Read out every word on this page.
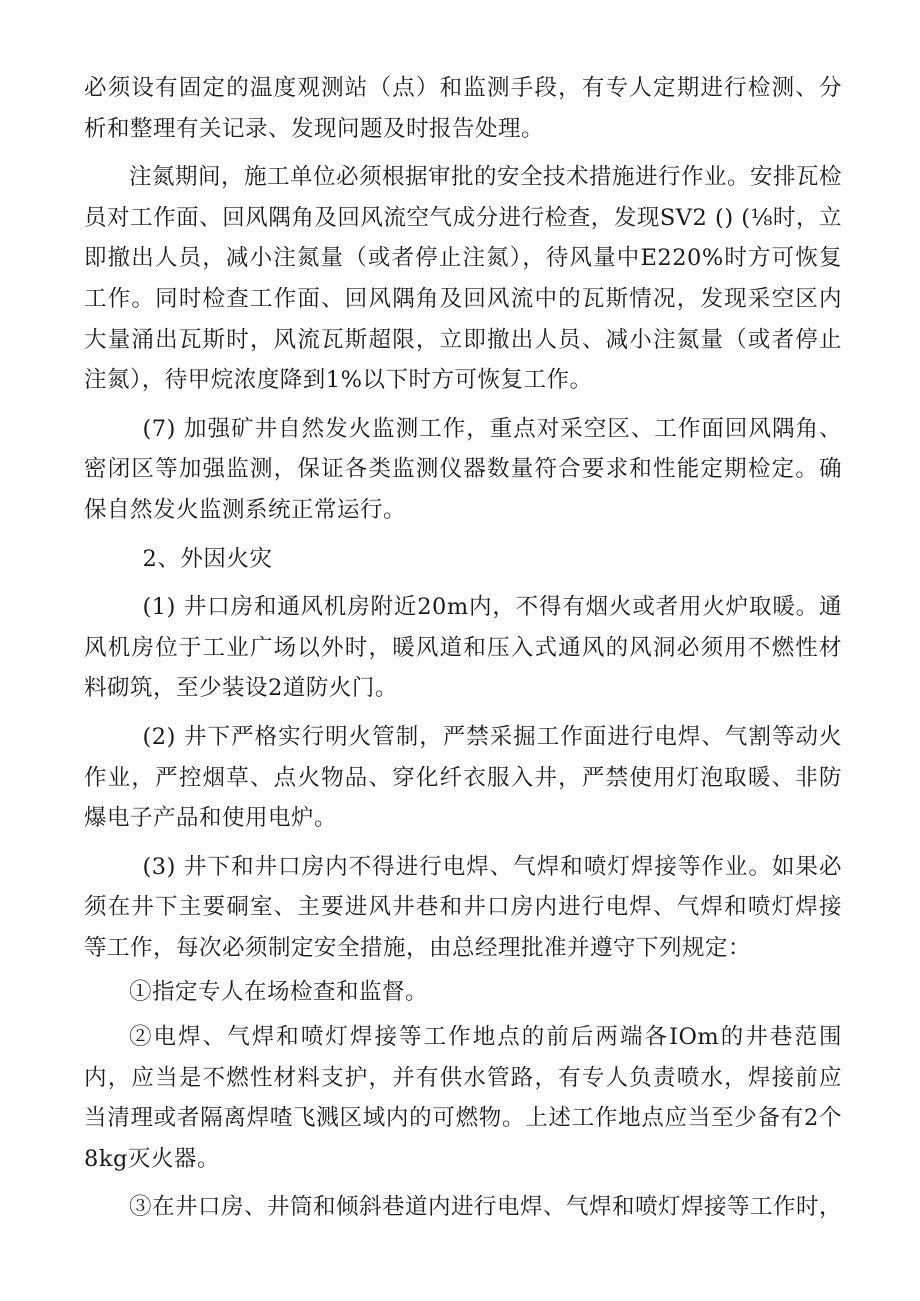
必须设有固定的温度观测站（点）和监测手段，有专人定期进行检测、分析和整理有关记录、发现问题及时报告处理。

注氮期间，施工单位必须根据审批的安全技术措施进行作业。安排瓦检员对工作面、回风隅角及回风流空气成分进行检查，发现SV2 () (⅛时，立即撤出人员，减小注氮量（或者停止注氮），待风量中E220%时方可恢复工作。同时检查工作面、回风隅角及回风流中的瓦斯情况，发现采空区内大量涌出瓦斯时，风流瓦斯超限，立即撤出人员、减小注氮量（或者停止注氮），待甲烷浓度降到1%以下时方可恢复工作。

(7) 加强矿井自然发火监测工作，重点对采空区、工作面回风隅角、密闭区等加强监测，保证各类监测仪器数量符合要求和性能定期检定。确保自然发火监测系统正常运行。

2、外因火灾

(1) 井口房和通风机房附近20m内，不得有烟火或者用火炉取暖。通风机房位于工业广场以外时，暖风道和压入式通风的风洞必须用不燃性材料砌筑，至少装设2道防火门。

(2) 井下严格实行明火管制，严禁采掘工作面进行电焊、气割等动火作业，严控烟草、点火物品、穿化纤衣服入井，严禁使用灯泡取暖、非防爆电子产品和使用电炉。

(3) 井下和井口房内不得进行电焊、气焊和喷灯焊接等作业。如果必须在井下主要硐室、主要进风井巷和井口房内进行电焊、气焊和喷灯焊接等工作，每次必须制定安全措施，由总经理批准并遵守下列规定：

①指定专人在场检查和监督。

②电焊、气焊和喷灯焊接等工作地点的前后两端各IOm的井巷范围内，应当是不燃性材料支护，并有供水管路，有专人负责喷水，焊接前应当清理或者隔离焊喳飞溅区域内的可燃物。上述工作地点应当至少备有2个8kg灭火器。

③在井口房、井筒和倾斜巷道内进行电焊、气焊和喷灯焊接等工作时，
